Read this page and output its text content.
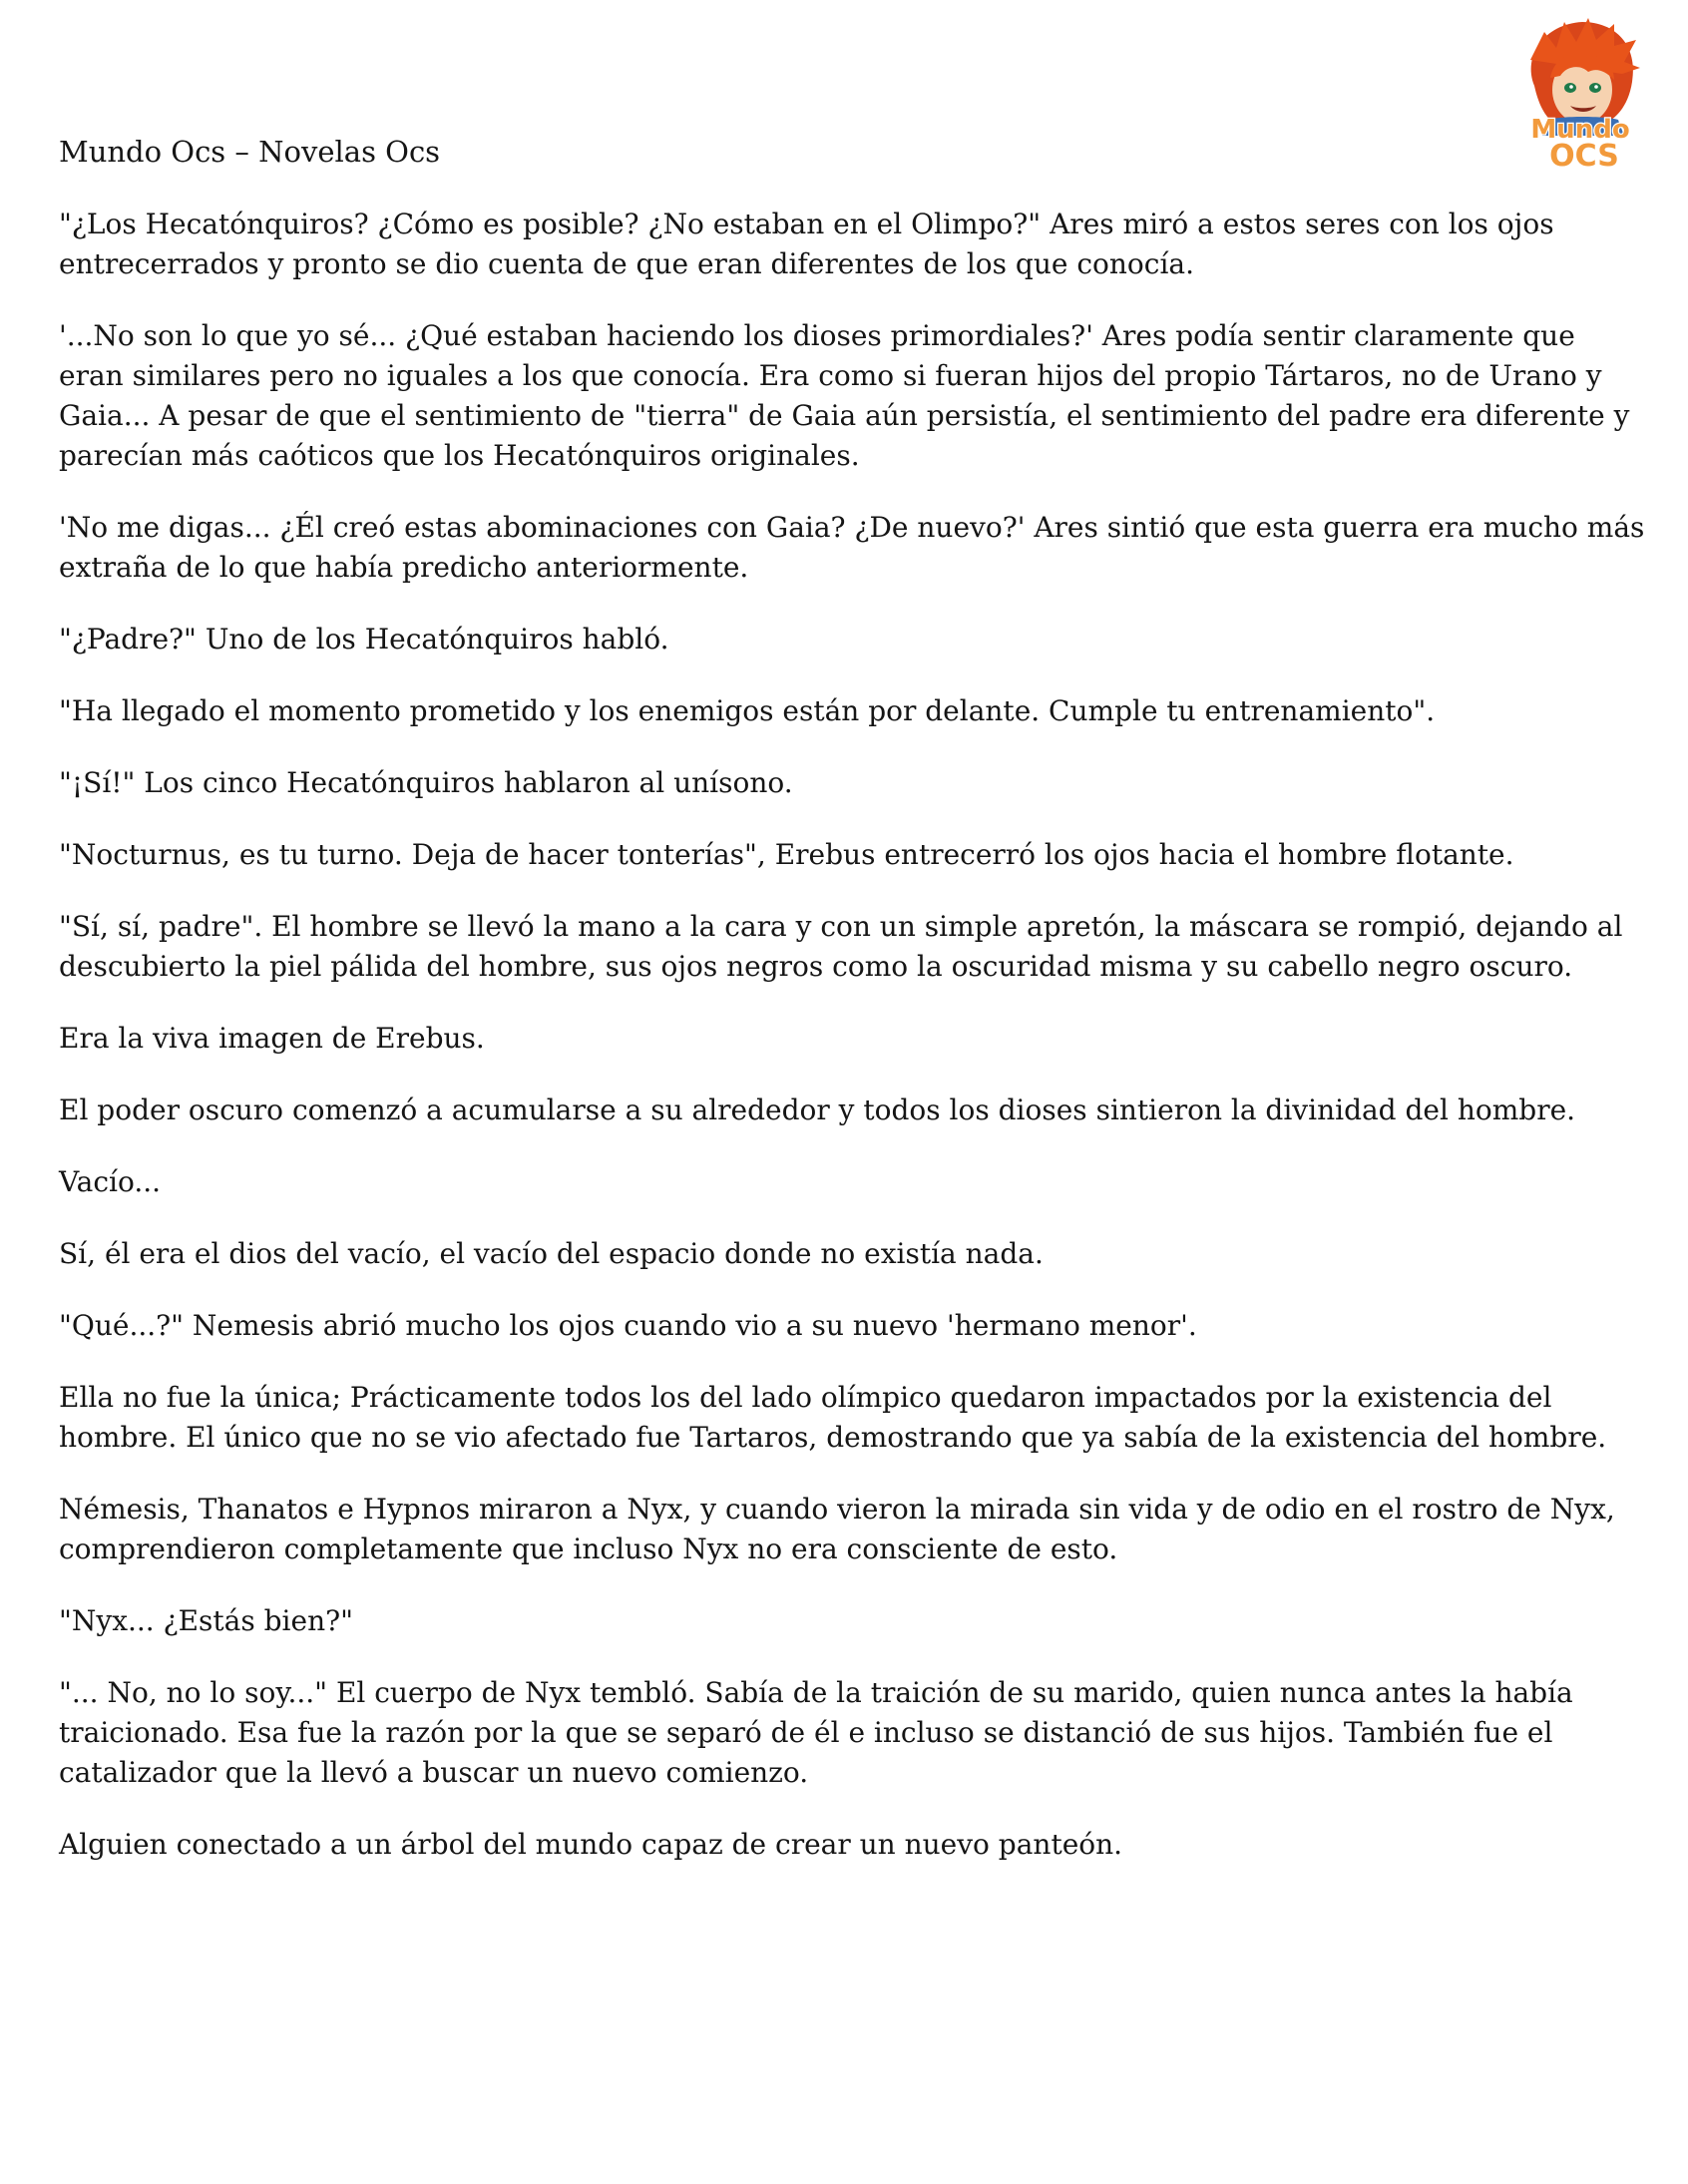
Mundo Ocs – Novelas Ocs
Mundo
OCS

"¿Los Hecatónquiros? ¿Cómo es posible? ¿No estaban en el Olimpo?" Ares miró a estos seres con los ojos entrecerrados y pronto se dio cuenta de que eran diferentes de los que conocía.

'...No son lo que yo sé... ¿Qué estaban haciendo los dioses primordiales?' Ares podía sentir claramente que eran similares pero no iguales a los que conocía. Era como si fueran hijos del propio Tártaros, no de Urano y Gaia... A pesar de que el sentimiento de "tierra" de Gaia aún persistía, el sentimiento del padre era diferente y parecían más caóticos que los Hecatónquiros originales.

'No me digas... ¿Él creó estas abominaciones con Gaia? ¿De nuevo?' Ares sintió que esta guerra era mucho más extraña de lo que había predicho anteriormente.

"¿Padre?" Uno de los Hecatónquiros habló.

"Ha llegado el momento prometido y los enemigos están por delante. Cumple tu entrenamiento".

"¡Sí!" Los cinco Hecatónquiros hablaron al unísono.

"Nocturnus, es tu turno. Deja de hacer tonterías", Erebus entrecerró los ojos hacia el hombre flotante.

"Sí, sí, padre". El hombre se llevó la mano a la cara y con un simple apretón, la máscara se rompió, dejando al descubierto la piel pálida del hombre, sus ojos negros como la oscuridad misma y su cabello negro oscuro.

Era la viva imagen de Erebus.

El poder oscuro comenzó a acumularse a su alrededor y todos los dioses sintieron la divinidad del hombre.

Vacío...

Sí, él era el dios del vacío, el vacío del espacio donde no existía nada.

"Qué...?" Nemesis abrió mucho los ojos cuando vio a su nuevo 'hermano menor'.

Ella no fue la única; Prácticamente todos los del lado olímpico quedaron impactados por la existencia del hombre. El único que no se vio afectado fue Tartaros, demostrando que ya sabía de la existencia del hombre.

Némesis, Thanatos e Hypnos miraron a Nyx, y cuando vieron la mirada sin vida y de odio en el rostro de Nyx, comprendieron completamente que incluso Nyx no era consciente de esto.

"Nyx... ¿Estás bien?"

"... No, no lo soy..." El cuerpo de Nyx tembló. Sabía de la traición de su marido, quien nunca antes la había traicionado. Esa fue la razón por la que se separó de él e incluso se distanció de sus hijos. También fue el catalizador que la llevó a buscar un nuevo comienzo.

Alguien conectado a un árbol del mundo capaz de crear un nuevo panteón.
